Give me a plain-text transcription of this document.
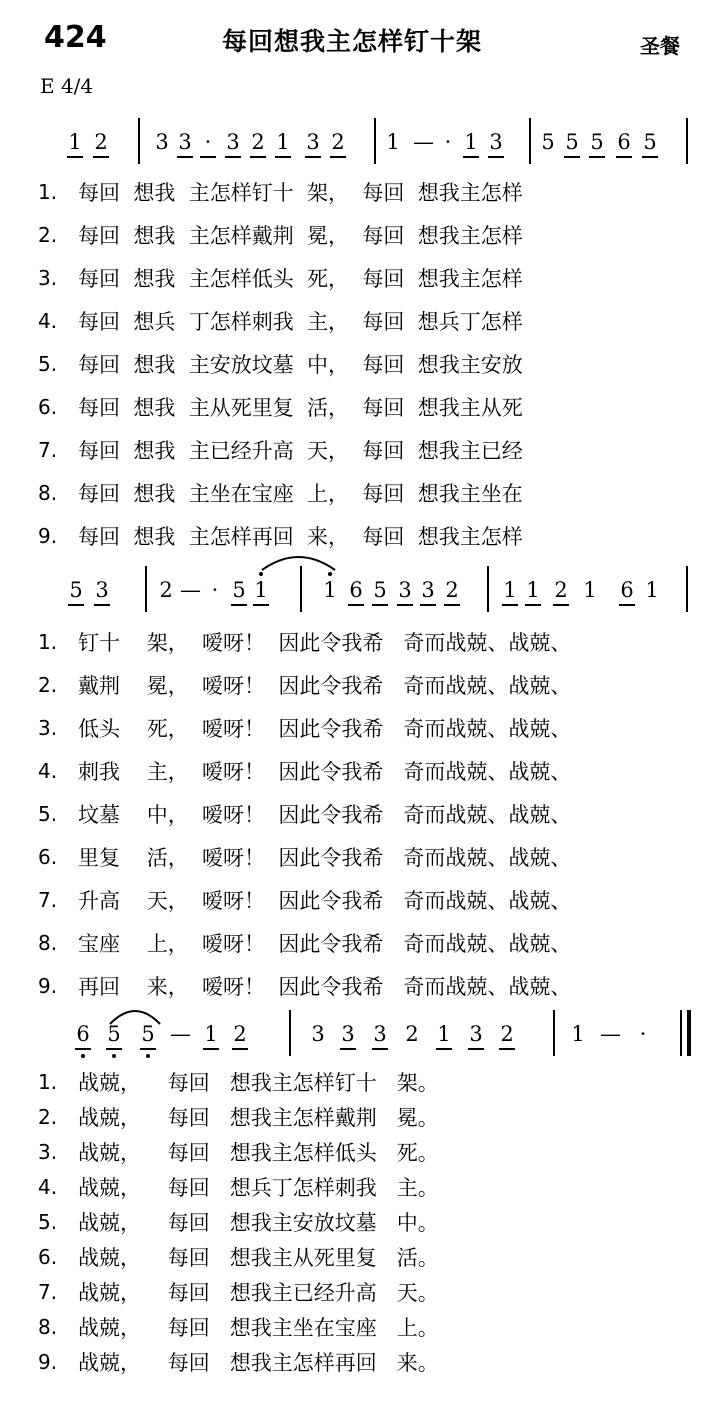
424	每回想我主怎样钉十架	圣餐
E 4/4
1 2 3 3 · 3 2 1 3 2 1 — · 1 3 5 5 5 6 5
1. 每回  想我  主怎样钉十  架，  每回  想我主怎样
2. 每回  想我  主怎样戴荆  冕，  每回  想我主怎样
3. 每回  想我  主怎样低头  死，  每回  想我主怎样
4. 每回  想兵  丁怎样刺我  主，  每回  想兵丁怎样
5. 每回  想我  主安放坟墓  中，  每回  想我主安放
6. 每回  想我  主从死里复  活，  每回  想我主从死
7. 每回  想我  主已经升高  天，  每回  想我主已经
8. 每回  想我  主坐在宝座  上，  每回  想我主坐在
9. 每回  想我  主怎样再回  来，  每回  想我主怎样
5 3 2 — · 5 1	1 6 5 3 3 2 1 1 2 1 6 1
1. 钉十    架，  嗳呀！  因此令我希   奇而战兢、战兢、
2. 戴荆    冕，  嗳呀！  因此令我希   奇而战兢、战兢、
3. 低头    死，  嗳呀！  因此令我希   奇而战兢、战兢、
4. 刺我    主，  嗳呀！  因此令我希   奇而战兢、战兢、
5. 坟墓    中，  嗳呀！  因此令我希   奇而战兢、战兢、
6. 里复    活，  嗳呀！  因此令我希   奇而战兢、战兢、
7. 升高    天，  嗳呀！  因此令我希   奇而战兢、战兢、
8. 宝座    上，  嗳呀！  因此令我希   奇而战兢、战兢、
9. 再回    来，  嗳呀！  因此令我希   奇而战兢、战兢、
6 5 5 — 1 2	3 3 3 2 1 3 2	1 — ·
1. 战兢，    每回   想我主怎样钉十   架。
2. 战兢，    每回   想我主怎样戴荆   冕。
3. 战兢，    每回   想我主怎样低头   死。
4. 战兢，    每回   想兵丁怎样刺我   主。
5. 战兢，    每回   想我主安放坟墓   中。
6. 战兢，    每回   想我主从死里复   活。
7. 战兢，    每回   想我主已经升高   天。
8. 战兢，    每回   想我主坐在宝座   上。
9. 战兢，    每回   想我主怎样再回   来。
